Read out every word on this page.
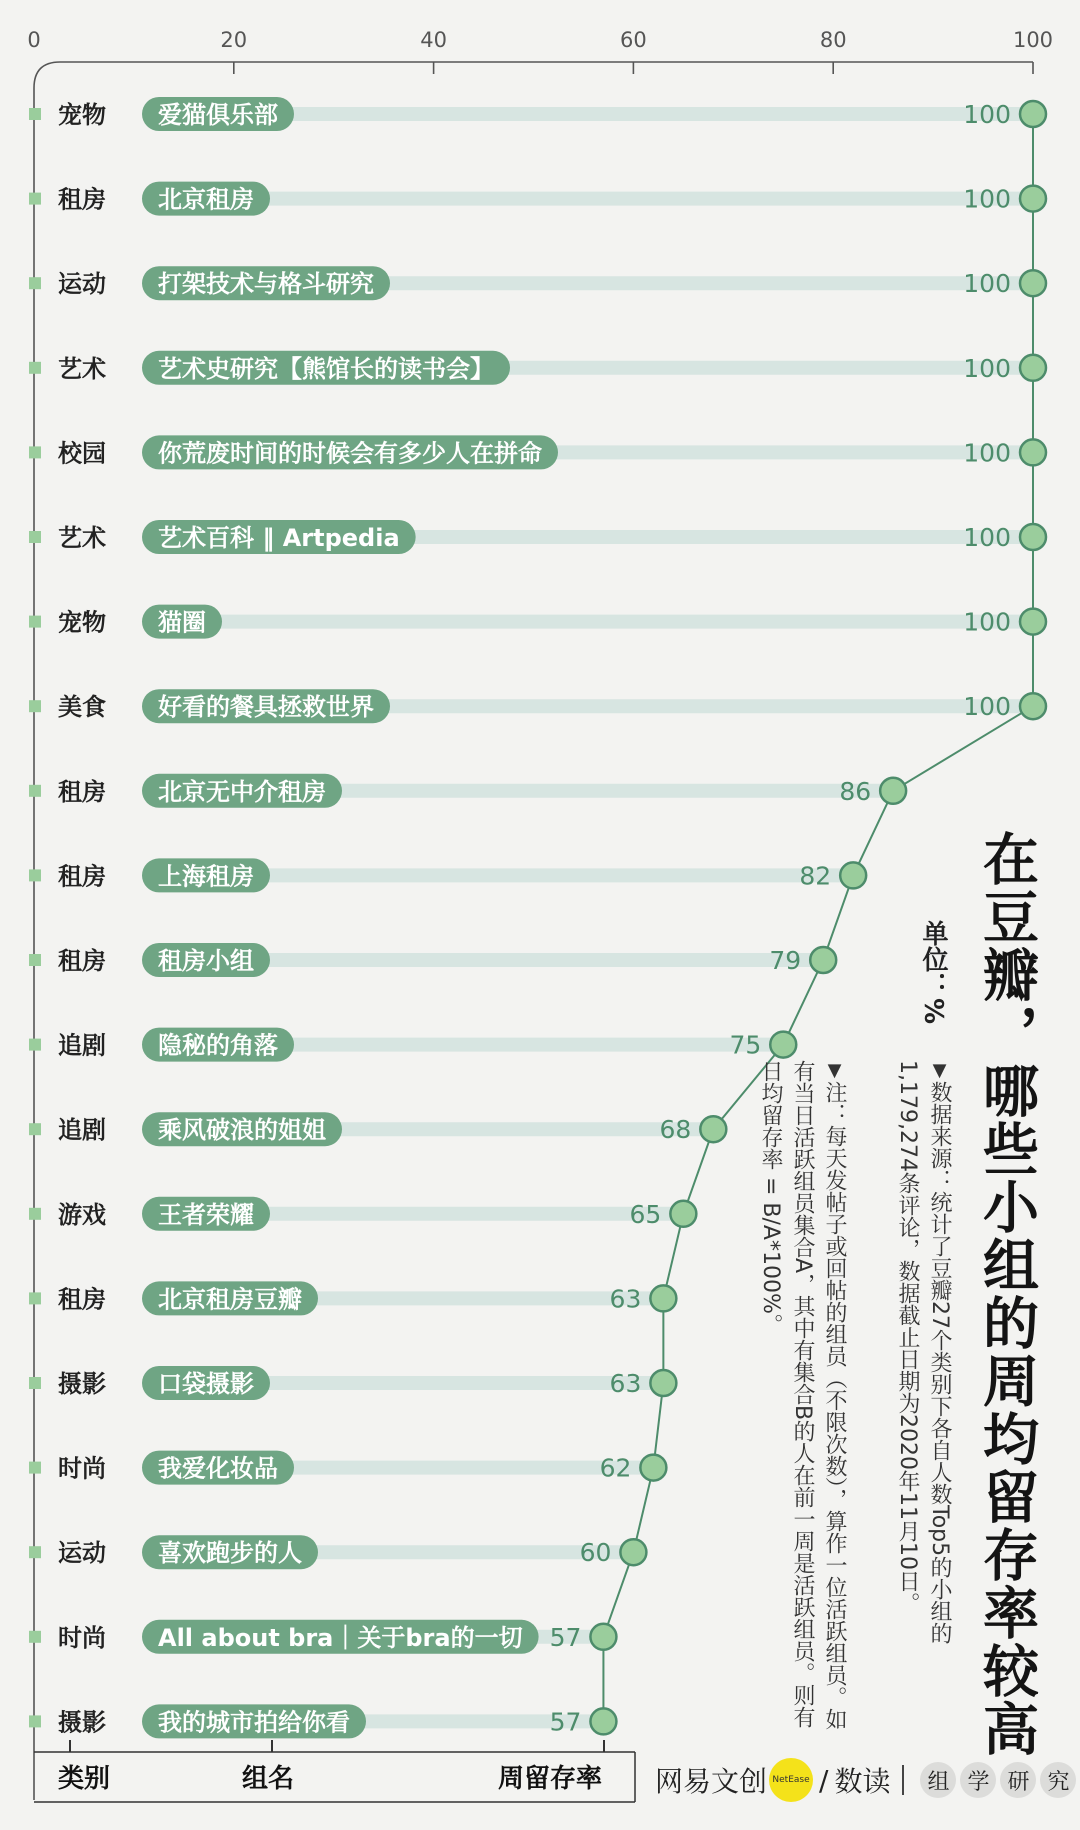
0	20	40	60	80	100
宠物 爱猫俱乐部	100
租房 北京租房	100
运动 打架技术与格斗研究	100
艺术 艺术史研究【熊馆长的读书会】	100
校园 你荒废时间的时候会有多少人在拼命	100
艺术 艺术百科 ‖ Artpedia	100
宠物 猫圈	100
美食 好看的餐具拯救世界	100
租房 北京无中介租房	86
租房 上海租房	82
租房 租房小组	79
追剧 隐秘的角落	75
追剧 乘风破浪的姐姐	68
游戏 王者荣耀	65
租房 北京租房豆瓣	63
摄影 口袋摄影	63
时尚 我爱化妆品	62
运动 喜欢跑步的人	60
时尚 All about bra｜关于bra的一切 57
摄影 我的城市拍给你看	57
类别	组名	周留存率
在豆瓣，哪些小组的周均留存率较高
单位：%
▼数据来源：统计了豆瓣27个类别下各自人数Top5的小组的1,179,274条评论，数据截止日期为2020年11月10日。
▼注：每天发帖子或回帖的组员（不限次数），算作一位活跃组员。如有当日活跃组员集合A，其中有集合B的人在前一周是活跃组员。则有日均留存率 = B/A*100%。
网易文创 NetEase / 数读	组 学 研 究
